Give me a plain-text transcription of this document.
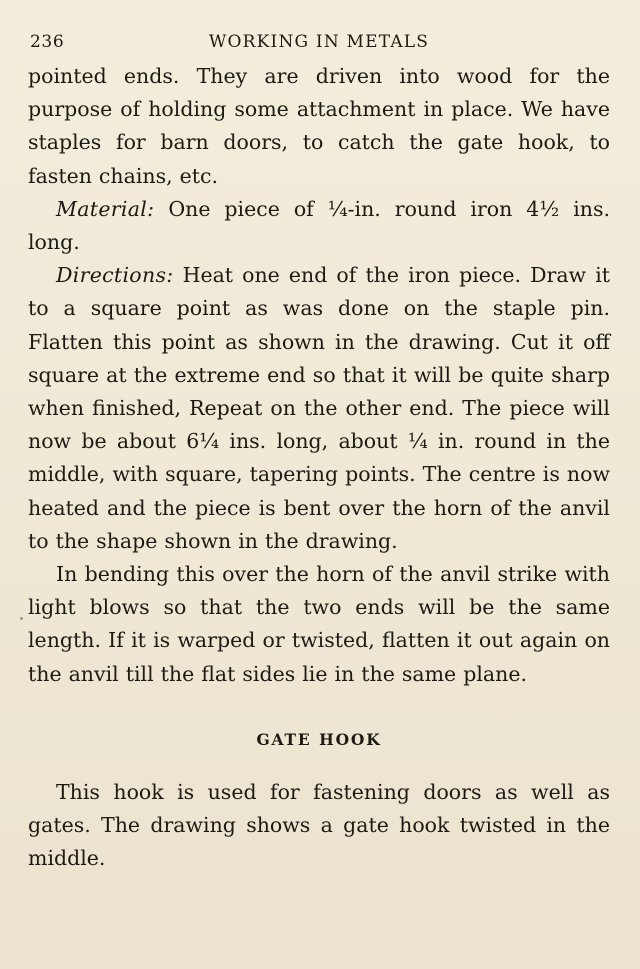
236	WORKING IN METALS

pointed ends. They are driven into wood for the purpose of holding some attachment in place. We have staples for barn doors, to catch the gate hook, to fasten chains, etc.

Material: One piece of ¼-in. round iron 4½ ins. long.

Directions: Heat one end of the iron piece. Draw it to a square point as was done on the staple pin. Flatten this point as shown in the drawing. Cut it off square at the extreme end so that it will be quite sharp when finished, Repeat on the other end. The piece will now be about 6¼ ins. long, about ¼ in. round in the middle, with square, tapering points. The centre is now heated and the piece is bent over the horn of the anvil to the shape shown in the drawing.

In bending this over the horn of the anvil strike with light blows so that the two ends will be the same length. If it is warped or twisted, flatten it out again on the anvil till the flat sides lie in the same plane.

GATE HOOK

This hook is used for fastening doors as well as gates. The drawing shows a gate hook twisted in the middle.
